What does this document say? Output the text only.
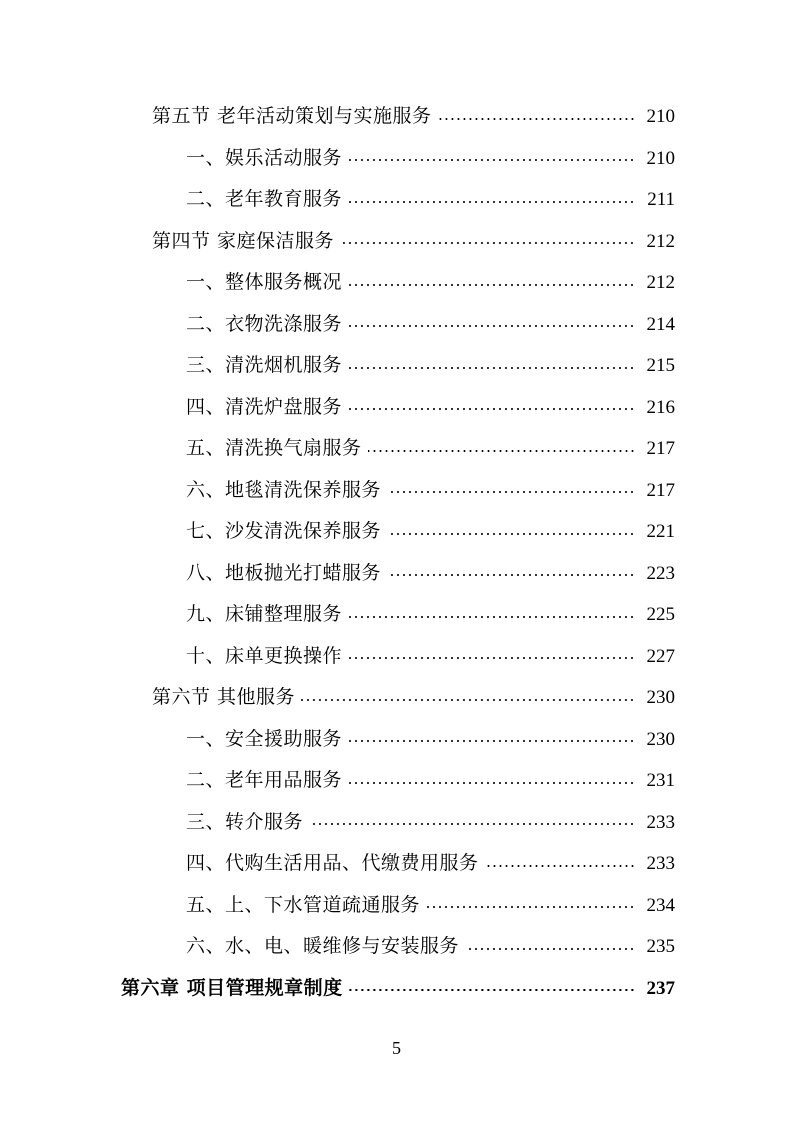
第五节 老年活动策划与实施服务	210
一、娱乐活动服务	210
二、老年教育服务	211
第四节 家庭保洁服务	212
一、整体服务概况	212
二、衣物洗涤服务	214
三、清洗烟机服务	215
四、清洗炉盘服务	216
五、清洗换气扇服务	217
六、地毯清洗保养服务	217
七、沙发清洗保养服务	221
八、地板抛光打蜡服务	223
九、床铺整理服务	225
十、床单更换操作	227
第六节 其他服务	230
一、安全援助服务	230
二、老年用品服务	231
三、转介服务	233
四、代购生活用品、代缴费用服务	233
五、上、下水管道疏通服务	234
六、水、电、暖维修与安装服务	235
第六章 项目管理规章制度	237
5
